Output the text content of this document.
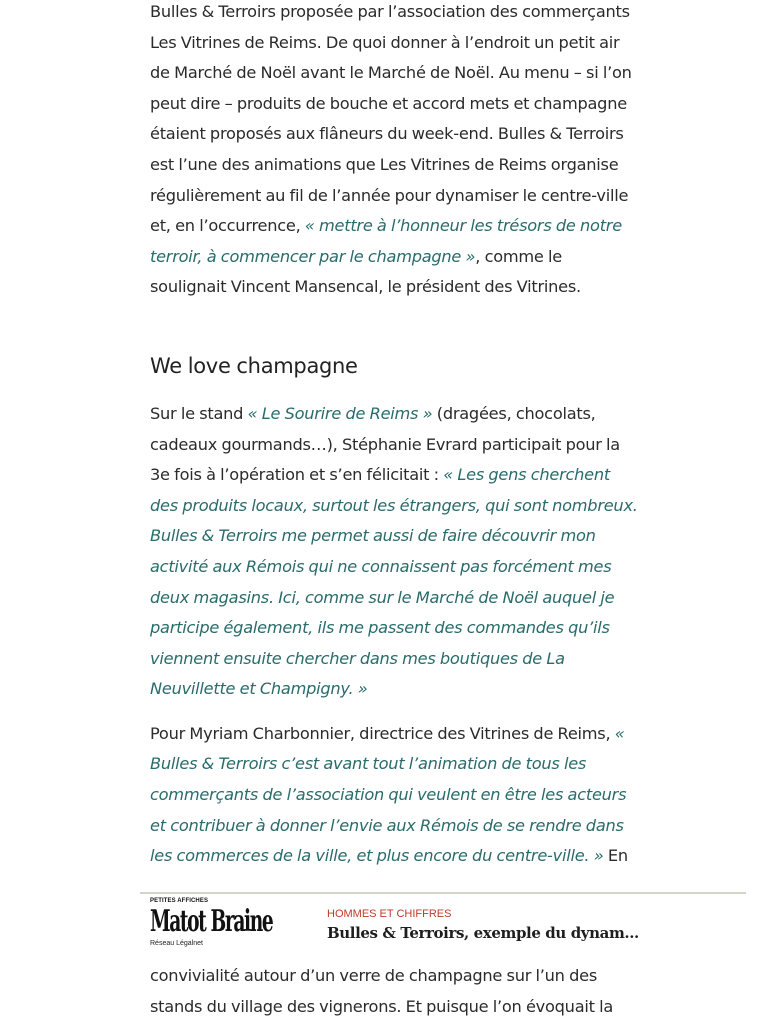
Bulles & Terroirs proposée par l’association des commerçants Les Vitrines de Reims. De quoi donner à l’endroit un petit air de Marché de Noël avant le Marché de Noël. Au menu – si l’on peut dire – produits de bouche et accord mets et champagne étaient proposés aux flâneurs du week-end. Bulles & Terroirs est l’une des animations que Les Vitrines de Reims organise régulièrement au fil de l’année pour dynamiser le centre-ville et, en l’occurrence, « mettre à l’honneur les trésors de notre terroir, à commencer par le champagne », comme le soulignait Vincent Mansencal, le président des Vitrines.

We love champagne

Sur le stand « Le Sourire de Reims » (dragées, chocolats, cadeaux gourmands…), Stéphanie Evrard participait pour la 3e fois à l’opération et s’en félicitait : « Les gens cherchent des produits locaux, surtout les étrangers, qui sont nombreux. Bulles & Terroirs me permet aussi de faire découvrir mon activité aux Rémois qui ne connaissent pas forcément mes deux magasins. Ici, comme sur le Marché de Noël auquel je participe également, ils me passent des commandes qu’ils viennent ensuite chercher dans mes boutiques de La Neuvillette et Champigny. »

Pour Myriam Charbonnier, directrice des Vitrines de Reims, « Bulles & Terroirs c’est avant tout l’animation de tous les commerçants de l’association qui veulent en être les acteurs et contribuer à donner l’envie aux Rémois de se rendre dans les commerces de la ville, et plus encore du centre-ville. » En

convivialité autour d’un verre de champagne sur l’un des stands du village des vignerons. Et puisque l’on évoquait la

PETITES AFFICHES
Matot Braine
Réseau Légalnet
HOMMES ET CHIFFRES
Bulles & Terroirs, exemple du dynam...
